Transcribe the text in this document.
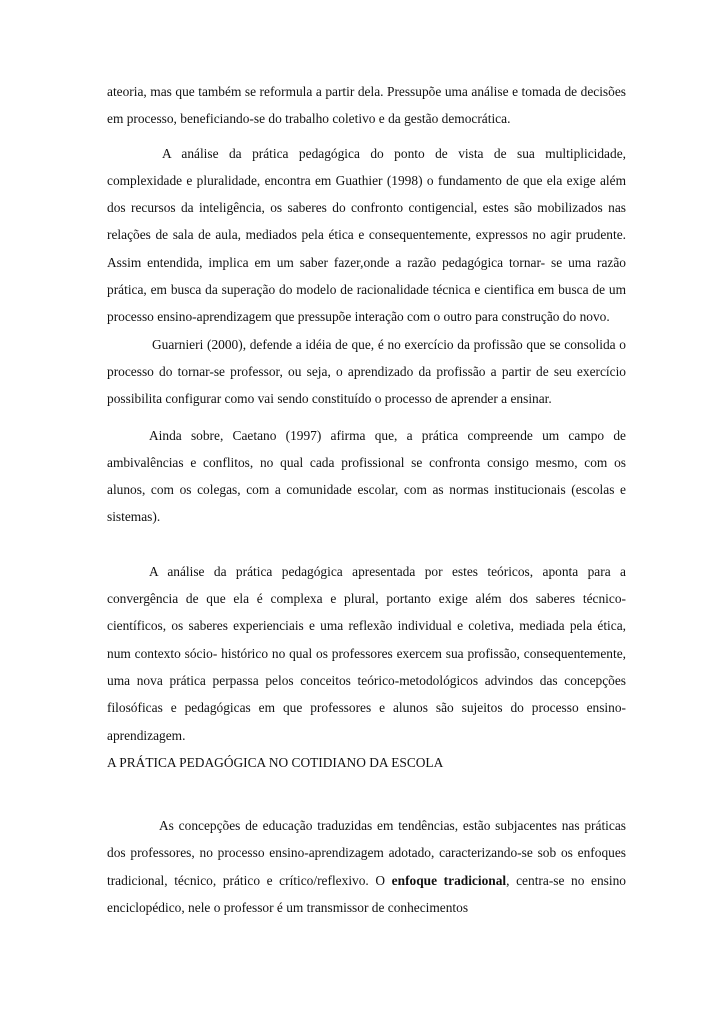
ateoria, mas que também se reformula a partir dela. Pressupõe uma análise e tomada de decisões em processo, beneficiando-se do trabalho coletivo e da gestão democrática.

A análise da prática pedagógica do ponto de vista de sua multiplicidade, complexidade e pluralidade, encontra em Guathier (1998) o fundamento de que ela exige além dos recursos da inteligência, os saberes do confronto contigencial, estes são mobilizados nas relações de sala de aula, mediados pela ética e consequentemente, expressos no agir prudente. Assim entendida, implica em um saber fazer,onde a razão pedagógica tornar- se uma razão prática, em busca da superação do modelo de racionalidade técnica e cientifica em busca de um processo ensino-aprendizagem que pressupõe interação com o outro para construção do novo.

Guarnieri (2000), defende a idéia de que, é no exercício da profissão que se consolida o processo do tornar-se professor, ou seja, o aprendizado da profissão a partir de seu exercício possibilita configurar como vai sendo constituído o processo de aprender a ensinar.

Ainda sobre, Caetano (1997) afirma que, a prática compreende um campo de ambivalências e conflitos, no qual cada profissional se confronta consigo mesmo, com os alunos, com os colegas, com a comunidade escolar, com as normas institucionais (escolas e sistemas).

A análise da prática pedagógica apresentada por estes teóricos, aponta para a convergência de que ela é complexa e plural, portanto exige além dos saberes técnico-científicos, os saberes experienciais e uma reflexão individual e coletiva, mediada pela ética, num contexto sócio- histórico no qual os professores exercem sua profissão, consequentemente, uma nova prática perpassa pelos conceitos teórico-metodológicos advindos das concepções filosóficas e pedagógicas em que professores e alunos são sujeitos do processo ensino-aprendizagem.

A PRÁTICA PEDAGÓGICA NO COTIDIANO DA ESCOLA

As concepções de educação traduzidas em tendências, estão subjacentes nas práticas dos professores, no processo ensino-aprendizagem adotado, caracterizando-se sob os enfoques tradicional, técnico, prático e crítico/reflexivo. O enfoque tradicional, centra-se no ensino enciclopédico, nele o professor é um transmissor de conhecimentos
